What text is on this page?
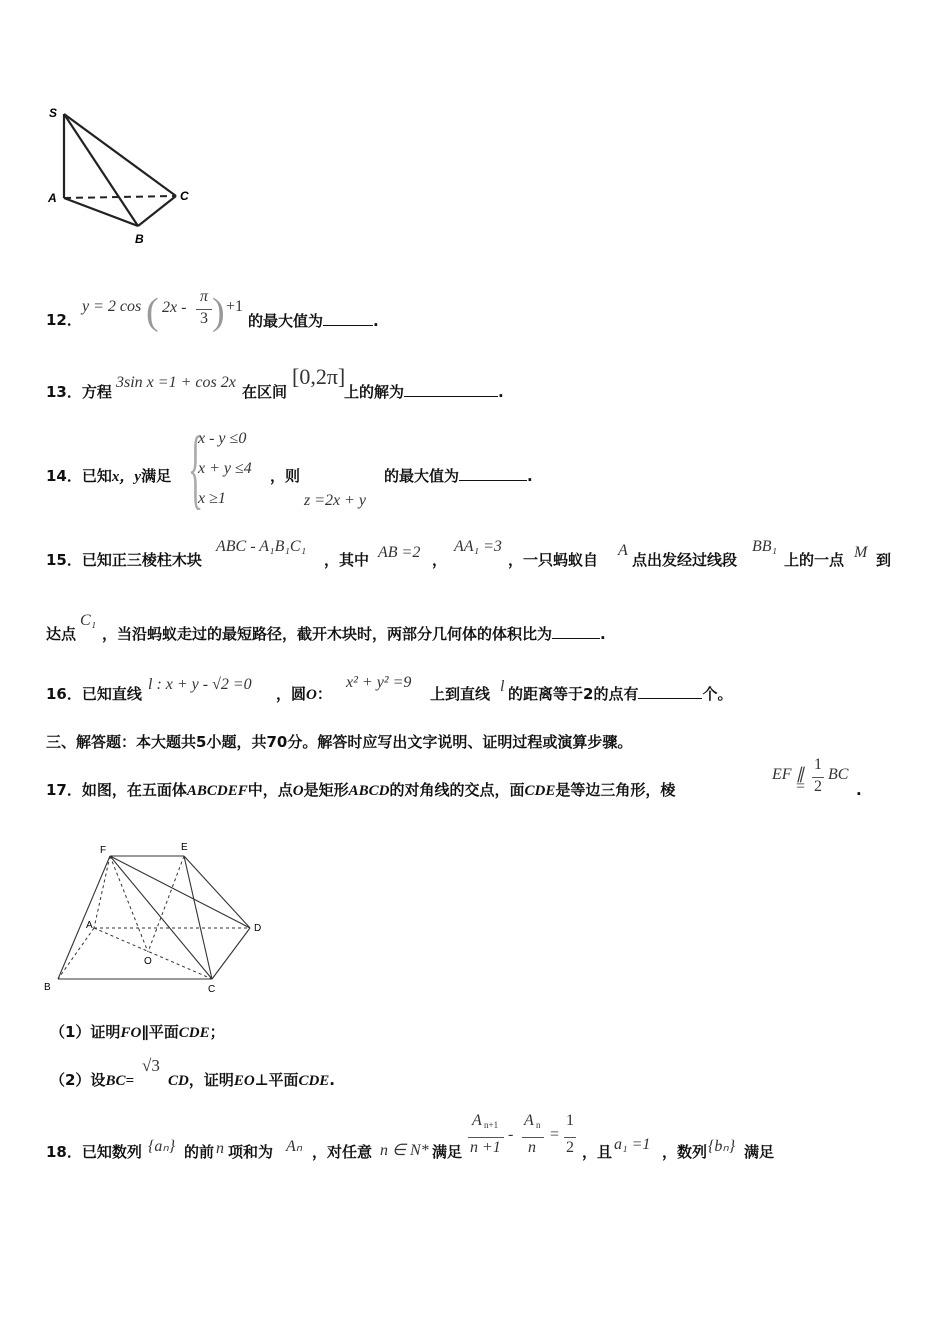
S
A	C
B
12．
y = 2 cos ( 2x -
π
3 ) +1
的最大值为	.
13．方程
3sin x =1 + cos 2x
在区间
[0,2π]
上的解为	.
14．已知x，y满足 {
x - y ≤0
x + y ≤4
x ≥1
，则
z =2x + y
的最大值为	.
15．已知正三棱柱木块
ABC - A₁B₁C₁
，其中 AB =2 ，
AA₁ =3
，一只蚂蚁自
A
点出发经过线段
BB₁
上的一点 M 到
达点
C₁
，当沿蚂蚁走过的最短路径，截开木块时，两部分几何体的体积比为	.
16．已知直线
l : x + y - √2 =0
，圆O：
x² + y² =9
上到直线 l 的距离等于2的点有	个。
三、解答题：本大题共5小题，共70分。解答时应写出文字说明、证明过程或演算步骤。
17．如图，在五面体ABCDEF中，点O是矩形ABCD的对角线的交点，面CDE是等边三角形，棱
EF ∥
=
1
2
BC
.
F	E
A	D
O
B	C
（1）证明FO∥平面CDE；
（2）设BC=
√3
CD，证明EO⊥平面CDE.
18．已知数列 {aₙ} 的前 n 项和为 Aₙ ，对任意 n ∈ N* 满足
A n+1
n +1
-
A n
n
=
1
2 ，且 a₁ =1 ，数列 {bₙ} 满足
